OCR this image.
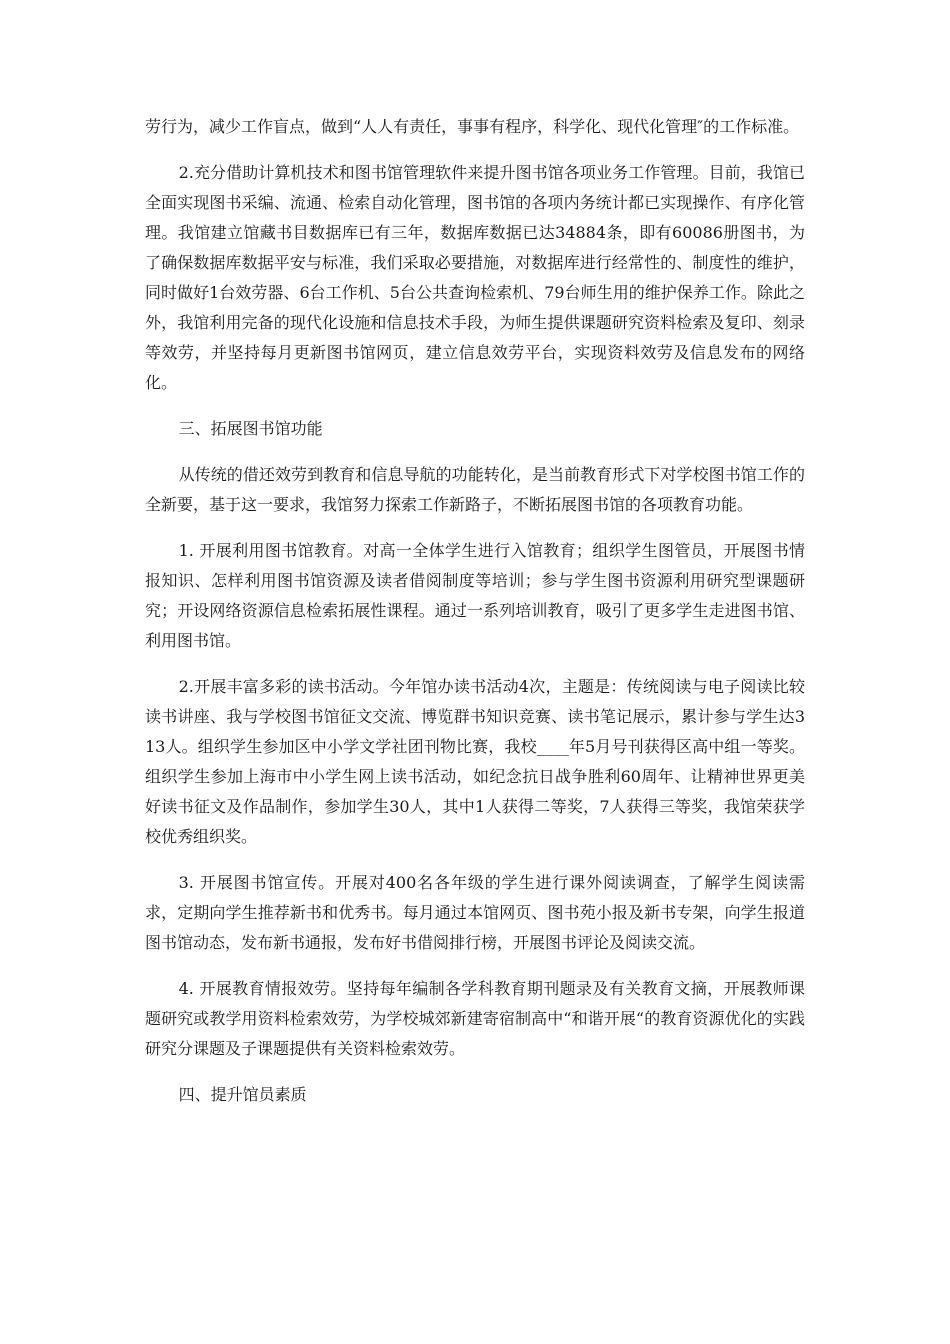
劳行为，减少工作盲点，做到“人人有责任，事事有程序，科学化、现代化管理″的工作标准。

2.充分借助计算机技术和图书馆管理软件来提升图书馆各项业务工作管理。目前，我馆已全面实现图书采编、流通、检索自动化管理，图书馆的各项内务统计都已实现操作、有序化管理。我馆建立馆藏书目数据库已有三年，数据库数据已达34884条，即有60086册图书，为了确保数据库数据平安与标准，我们采取必要措施，对数据库进行经常性的、制度性的维护，同时做好1台效劳器、6台工作机、5台公共查询检索机、79台师生用的维护保养工作。除此之外，我馆利用完备的现代化设施和信息技术手段，为师生提供课题研究资料检索及复印、刻录等效劳，并坚持每月更新图书馆网页，建立信息效劳平台，实现资料效劳及信息发布的网络化。

三、拓展图书馆功能

从传统的借还效劳到教育和信息导航的功能转化，是当前教育形式下对学校图书馆工作的全新要，基于这一要求，我馆努力探索工作新路子，不断拓展图书馆的各项教育功能。

1. 开展利用图书馆教育。对高一全体学生进行入馆教育；组织学生图管员，开展图书情报知识、怎样利用图书馆资源及读者借阅制度等培训；参与学生图书资源利用研究型课题研究；开设网络资源信息检索拓展性课程。通过一系列培训教育，吸引了更多学生走进图书馆、利用图书馆。

2.开展丰富多彩的读书活动。今年馆办读书活动4次，主题是：传统阅读与电子阅读比较读书讲座、我与学校图书馆征文交流、博览群书知识竞赛、读书笔记展示，累计参与学生达313人。组织学生参加区中小学文学社团刊物比赛，我校____年5月号刊获得区高中组一等奖。组织学生参加上海市中小学生网上读书活动，如纪念抗日战争胜利60周年、让精神世界更美好读书征文及作品制作，参加学生30人，其中1人获得二等奖，7人获得三等奖，我馆荣获学校优秀组织奖。

3. 开展图书馆宣传。开展对400名各年级的学生进行课外阅读调查，了解学生阅读需求，定期向学生推荐新书和优秀书。每月通过本馆网页、图书苑小报及新书专架，向学生报道图书馆动态，发布新书通报，发布好书借阅排行榜，开展图书评论及阅读交流。

4. 开展教育情报效劳。坚持每年编制各学科教育期刊题录及有关教育文摘，开展教师课题研究或教学用资料检索效劳，为学校城郊新建寄宿制高中“和谐开展“的教育资源优化的实践研究分课题及子课题提供有关资料检索效劳。

四、提升馆员素质
